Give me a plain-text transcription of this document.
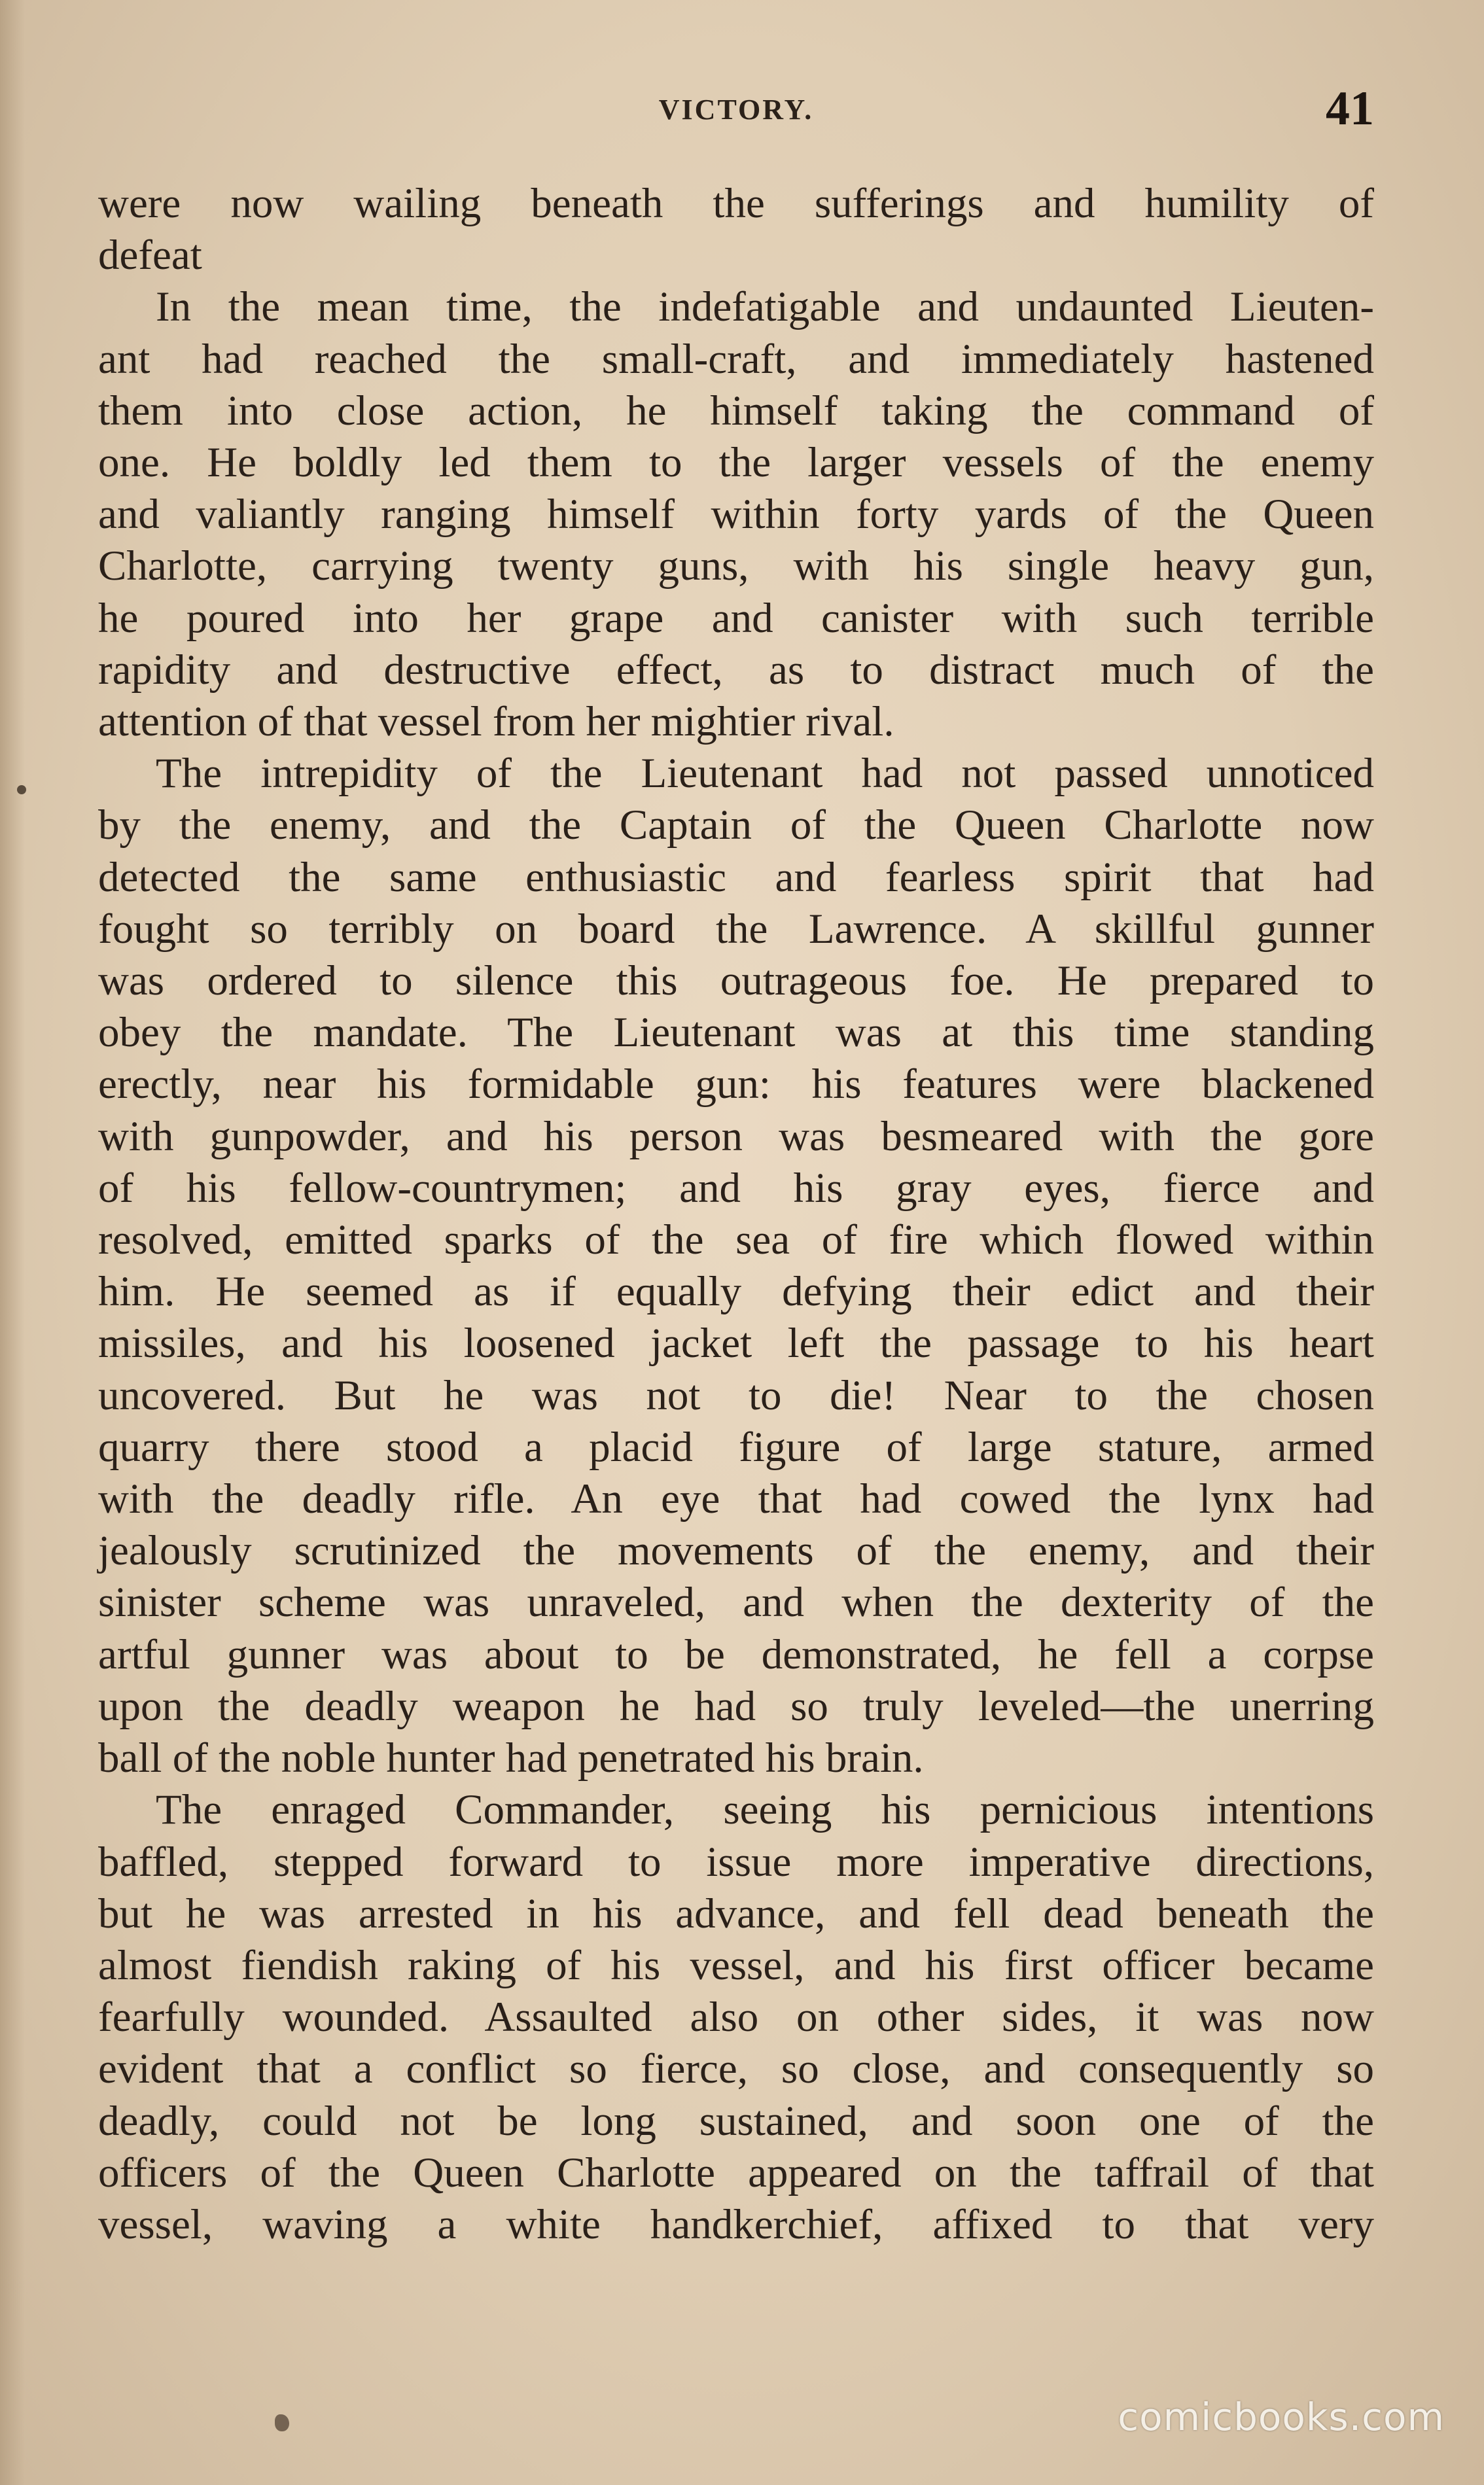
VICTORY.	41
were now wailing beneath the sufferings and humility of
defeat
In the mean time, the indefatigable and undaunted Lieuten-
ant had reached the small-craft, and immediately hastened
them into close action, he himself taking the command of
one. He boldly led them to the larger vessels of the enemy
and valiantly ranging himself within forty yards of the Queen
Charlotte, carrying twenty guns, with his single heavy gun,
he poured into her grape and canister with such terrible
rapidity and destructive effect, as to distract much of the
attention of that vessel from her mightier rival.
The intrepidity of the Lieutenant had not passed unnoticed
by the enemy, and the Captain of the Queen Charlotte now
detected the same enthusiastic and fearless spirit that had
fought so terribly on board the Lawrence. A skillful gunner
was ordered to silence this outrageous foe. He prepared to
obey the mandate. The Lieutenant was at this time standing
erectly, near his formidable gun: his features were blackened
with gunpowder, and his person was besmeared with the gore
of his fellow-countrymen; and his gray eyes, fierce and
resolved, emitted sparks of the sea of fire which flowed within
him. He seemed as if equally defying their edict and their
missiles, and his loosened jacket left the passage to his heart
uncovered. But he was not to die! Near to the chosen
quarry there stood a placid figure of large stature, armed
with the deadly rifle. An eye that had cowed the lynx had
jealously scrutinized the movements of the enemy, and their
sinister scheme was unraveled, and when the dexterity of the
artful gunner was about to be demonstrated, he fell a corpse
upon the deadly weapon he had so truly leveled—the unerring
ball of the noble hunter had penetrated his brain.
The enraged Commander, seeing his pernicious intentions
baffled, stepped forward to issue more imperative directions,
but he was arrested in his advance, and fell dead beneath the
almost fiendish raking of his vessel, and his first officer became
fearfully wounded. Assaulted also on other sides, it was now
evident that a conflict so fierce, so close, and consequently so
deadly, could not be long sustained, and soon one of the
officers of the Queen Charlotte appeared on the taffrail of that
vessel, waving a white handkerchief, affixed to that very
comicbooks.com
